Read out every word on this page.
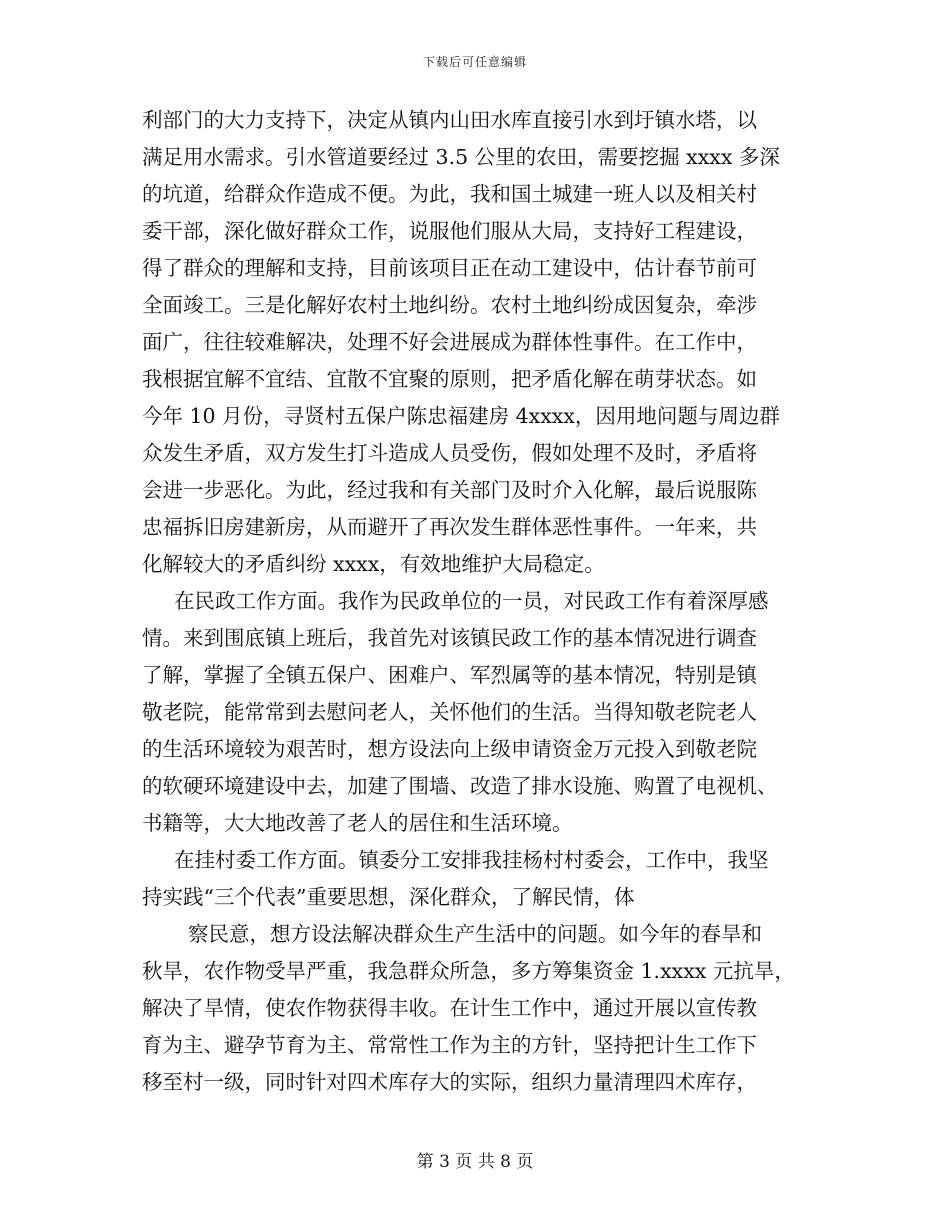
下载后可任意编辑
利部门的大力支持下，决定从镇内山田水库直接引水到圩镇水塔，以
满足用水需求。引水管道要经过 3.5 公里的农田，需要挖掘 xxxx 多深
的坑道，给群众作造成不便。为此，我和国土城建一班人以及相关村
委干部，深化做好群众工作，说服他们服从大局，支持好工程建设，
得了群众的理解和支持，目前该项目正在动工建设中，估计春节前可
全面竣工。三是化解好农村土地纠纷。农村土地纠纷成因复杂，牵涉
面广，往往较难解决，处理不好会进展成为群体性事件。在工作中，
我根据宜解不宜结、宜散不宜聚的原则，把矛盾化解在萌芽状态。如
今年 10 月份，寻贤村五保户陈忠福建房 4xxxx，因用地问题与周边群
众发生矛盾，双方发生打斗造成人员受伤，假如处理不及时，矛盾将
会进一步恶化。为此，经过我和有关部门及时介入化解，最后说服陈
忠福拆旧房建新房，从而避开了再次发生群体恶性事件。一年来，共
化解较大的矛盾纠纷 xxxx，有效地维护大局稳定。
在民政工作方面。我作为民政单位的一员，对民政工作有着深厚感
情。来到围底镇上班后，我首先对该镇民政工作的基本情况进行调查
了解，掌握了全镇五保户、困难户、军烈属等的基本情况，特别是镇
敬老院，能常常到去慰问老人，关怀他们的生活。当得知敬老院老人
的生活环境较为艰苦时，想方设法向上级申请资金万元投入到敬老院
的软硬环境建设中去，加建了围墙、改造了排水设施、购置了电视机、
书籍等，大大地改善了老人的居住和生活环境。
在挂村委工作方面。镇委分工安排我挂杨村村委会，工作中，我坚
持实践“三个代表”重要思想，深化群众，了解民情，体
察民意，想方设法解决群众生产生活中的问题。如今年的春旱和
秋旱，农作物受旱严重，我急群众所急，多方筹集资金 1.xxxx 元抗旱，
解决了旱情，使农作物获得丰收。在计生工作中，通过开展以宣传教
育为主、避孕节育为主、常常性工作为主的方针，坚持把计生工作下
移至村一级，同时针对四术库存大的实际，组织力量清理四术库存，
第 3 页 共 8 页
